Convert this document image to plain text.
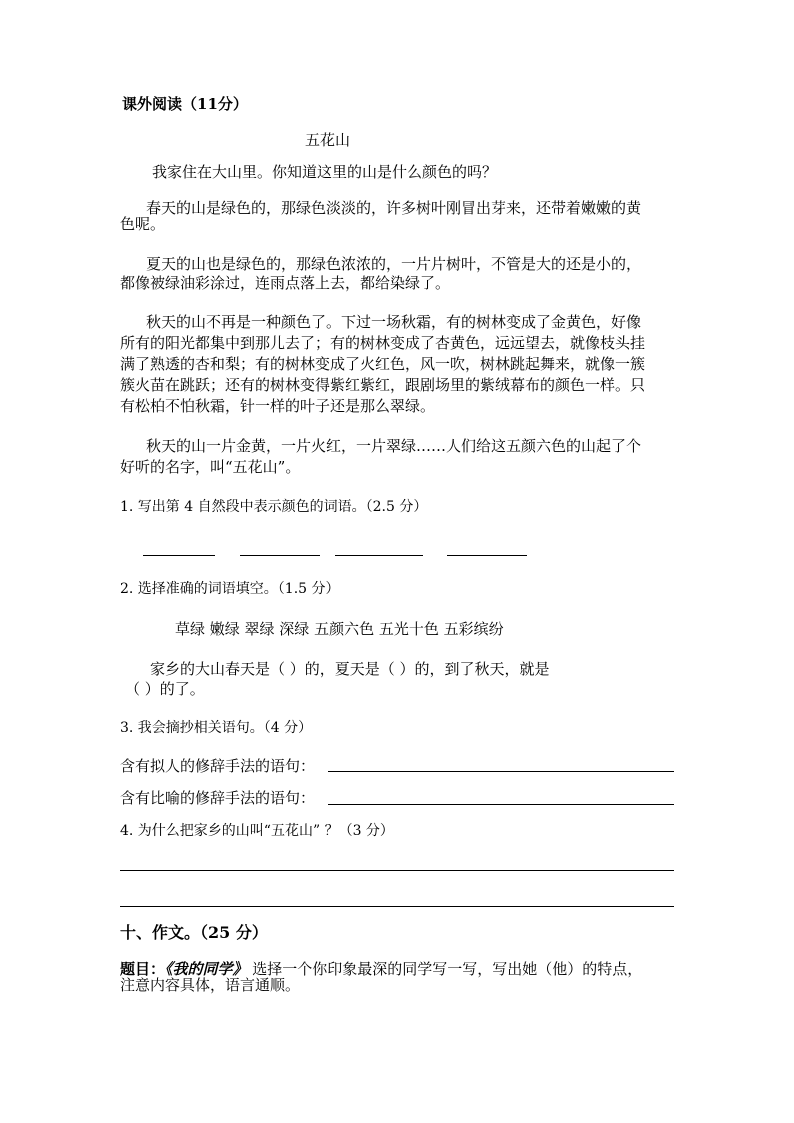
课外阅读（11分）
五花山
我家住在大山里。你知道这里的山是什么颜色的吗？
春天的山是绿色的，那绿色淡淡的，许多树叶刚冒出芽来，还带着嫩嫩的黄
色呢。
夏天的山也是绿色的，那绿色浓浓的，一片片树叶，不管是大的还是小的，
都像被绿油彩涂过，连雨点落上去，都给染绿了。
秋天的山不再是一种颜色了。下过一场秋霜，有的树林变成了金黄色，好像
所有的阳光都集中到那儿去了；有的树林变成了杏黄色，远远望去，就像枝头挂
满了熟透的杏和梨；有的树林变成了火红色，风一吹，树林跳起舞来，就像一簇
簇火苗在跳跃；还有的树林变得紫红紫红，跟剧场里的紫绒幕布的颜色一样。只
有松柏不怕秋霜，针一样的叶子还是那么翠绿。
秋天的山一片金黄，一片火红，一片翠绿……人们给这五颜六色的山起了个
好听的名字，叫“五花山”。
1. 写出第 4 自然段中表示颜色的词语。（2.5 分）
2. 选择准确的词语填空。（1.5 分）
草绿 嫩绿 翠绿 深绿 五颜六色 五光十色 五彩缤纷
家乡的大山春天是（ ）的，夏天是（ ）的，到了秋天，就是
（ ）的了。
3. 我会摘抄相关语句。（4 分）
含有拟人的修辞手法的语句：
含有比喻的修辞手法的语句：
4. 为什么把家乡的山叫“五花山” ？（3 分）
十、作文。（25 分）
题目：《我的同学》 选择一个你印象最深的同学写一写，写出她（他）的特点，
注意内容具体，语言通顺。
